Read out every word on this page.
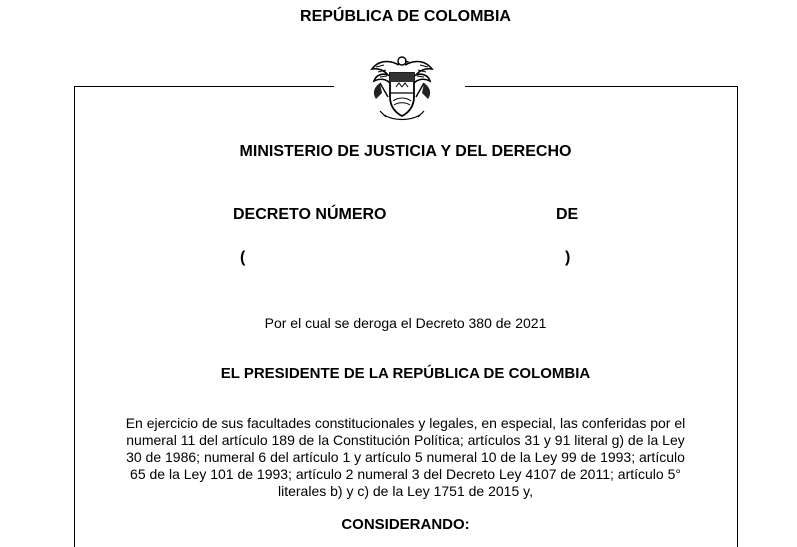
REPÚBLICA DE COLOMBIA
MINISTERIO DE JUSTICIA Y DEL DERECHO
DECRETO NÚMERO	DE
(	)
Por el cual se deroga el Decreto 380 de 2021
EL PRESIDENTE DE LA REPÚBLICA DE COLOMBIA
En ejercicio de sus facultades constitucionales y legales, en especial, las conferidas por el
numeral 11 del artículo 189 de la Constitución Política; artículos 31 y 91 literal g) de la Ley
30 de 1986; numeral 6 del artículo 1 y artículo 5 numeral 10 de la Ley 99 de 1993; artículo
65 de la Ley 101 de 1993; artículo 2 numeral 3 del Decreto Ley 4107 de 2011; artículo 5°
literales b) y c) de la Ley 1751 de 2015 y,
CONSIDERANDO:
